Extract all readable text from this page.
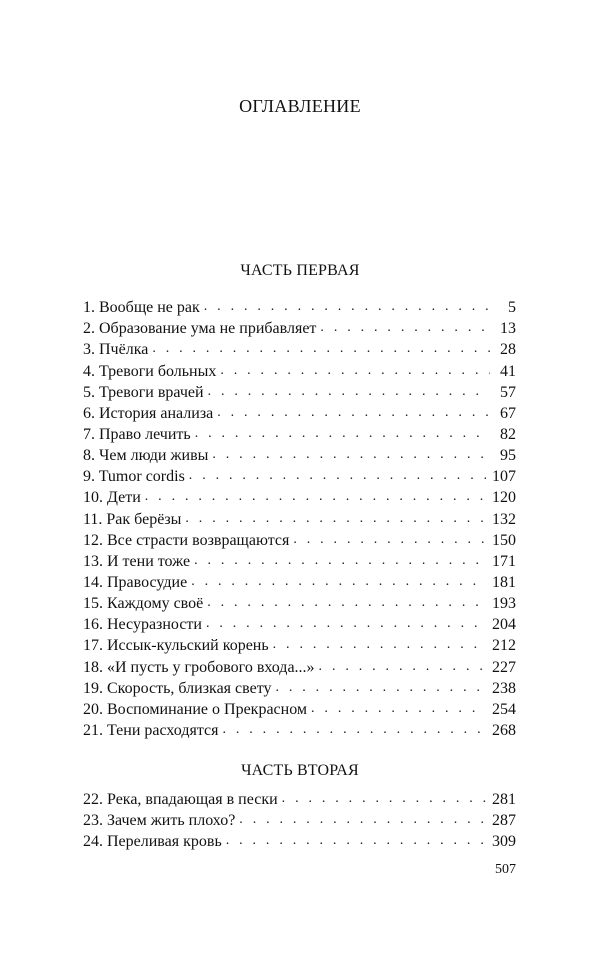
ОГЛАВЛЕНИЕ
ЧАСТЬ ПЕРВАЯ
1. Вообще не рак . . .	5
2. Образование ума не прибавляет . . .	13
3. Пчёлка . . .	28
4. Тревоги больных . . .	41
5. Тревоги врачей . . .	57
6. История анализа . . .	67
7. Право лечить . . .	82
8. Чем люди живы . . .	95
9. Tumor cordis . . .	107
10. Дети . . .	120
11. Рак берёзы . . .	132
12. Все страсти возвращаются . . .	150
13. И тени тоже . . .	171
14. Правосудие . . .	181
15. Каждому своё . . .	193
16. Несуразности . . .	204
17. Иссык-кульский корень . . .	212
18. «И пусть у гробового входа...» . . .	227
19. Скорость, близкая свету . . .	238
20. Воспоминание о Прекрасном . . .	254
21. Тени расходятся . . .	268
ЧАСТЬ ВТОРАЯ
22. Река, впадающая в пески . . .	281
23. Зачем жить плохо? . . .	287
24. Переливая кровь . . .	309
507
